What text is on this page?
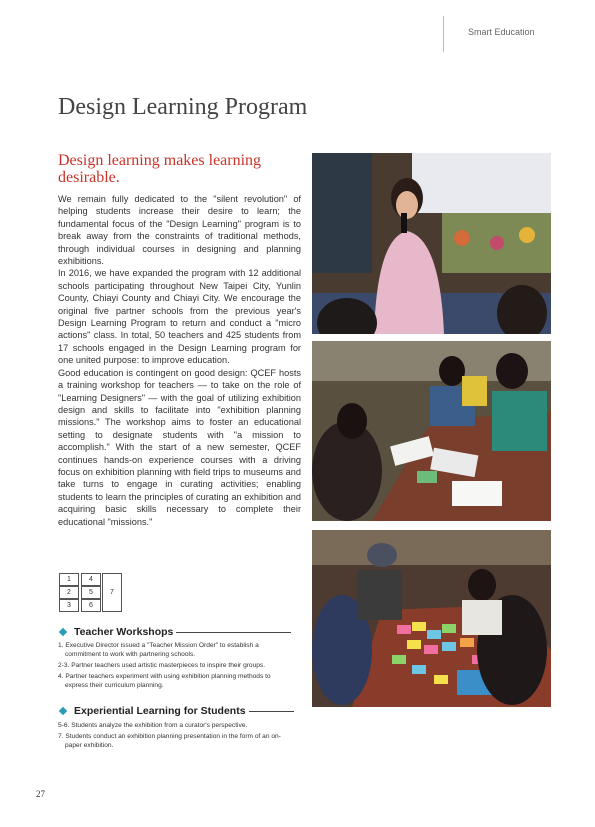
Smart Education
Design Learning Program
Design learning makes learning desirable.

We remain fully dedicated to the "silent revolution" of helping students increase their desire to learn; the fundamental focus of the "Design Learning" program is to break away from the constraints of traditional methods, through individual courses in designing and planning exhibitions.

In 2016, we have expanded the program with 12 additional schools participating throughout New Taipei City, Yunlin County, Chiayi County and Chiayi City. We encourage the original five partner schools from the previous year's Design Learning Program to return and conduct a "micro actions" class. In total, 50 teachers and 425 students from 17 schools engaged in the Design Learning program for one united purpose: to improve education.

Good education is contingent on good design: QCEF hosts a training workshop for teachers — to take on the role of "Learning Designers" — with the goal of utilizing exhibition design and skills to facilitate into "exhibition planning missions." The workshop aims to foster an educational setting to designate students with "a mission to accomplish." With the start of a new semester, QCEF continues hands-on experience courses with a driving focus on exhibition planning with field trips to museums and take turns to engage in curating activities; enabling students to learn the principles of curating an exhibition and acquiring basic skills necessary to complete their educational "missions."

1	4
2	5
3	6
7
Teacher Workshops
1. Executive Director issued a "Teacher Mission Order" to establish a commitment to work with partnering schools.
2-3. Partner teachers used artistic masterpieces to inspire their groups.
4. Partner teachers experiment with using exhibition planning methods to express their curriculum planning.
Experiential Learning for Students
5-6. Students analyze the exhibition from a curator's perspective.
7. Students conduct an exhibition planning presentation in the form of an on-paper exhibition.
27
